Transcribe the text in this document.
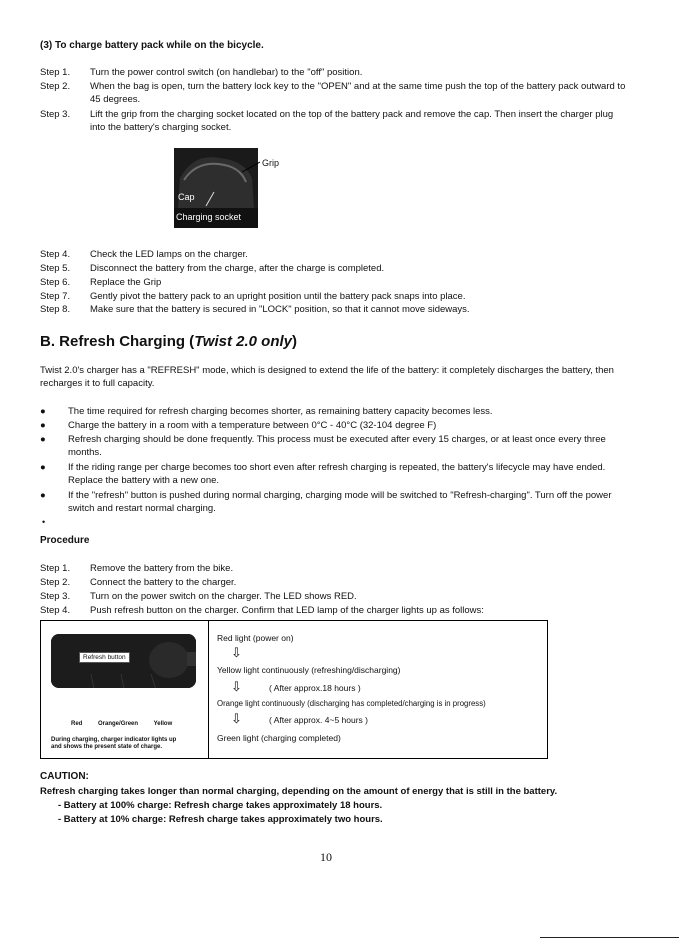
(3) To charge battery pack while on the bicycle.
Step 1.	Turn the power control switch (on handlebar) to the "off" position.
Step 2.	When the bag is open, turn the battery lock key to the "OPEN" and at the same time push the top of the battery pack outward to 45 degrees.
Step 3.	Lift the grip from the charging socket located on the top of the battery pack and remove the cap. Then insert the charger plug into the battery's charging socket.
Cap
Charging socket
Grip
Step 4.	Check the LED lamps on the charger.
Step 5.	Disconnect the battery from the charge, after the charge is completed.
Step 6.	Replace the Grip
Step 7.	Gently pivot the battery pack to an upright position until the battery pack snaps into place.
Step 8.	Make sure that the battery is secured in "LOCK" position, so that it cannot move sideways.
B. Refresh Charging (Twist 2.0 only)
Twist 2.0's charger has a "REFRESH" mode, which is designed to extend the life of the battery: it completely discharges the battery, then recharges it to full capacity.
● The time required for refresh charging becomes shorter, as remaining battery capacity becomes less.
● Charge the battery in a room with a temperature between 0°C - 40°C (32-104 degree F)
● Refresh charging should be done frequently. This process must be executed after every 15 charges, or at least once every three months.
● If the riding range per charge becomes too short even after refresh charging is repeated, the battery's lifecycle may have ended. Replace the battery with a new one.
● If the "refresh" button is pushed during normal charging, charging mode will be switched to "Refresh-charging". Turn off the power switch and restart normal charging.
•
Procedure
Step 1.	Remove the battery from the bike.
Step 2.	Connect the battery to the charger.
Step 3.	Turn on the power switch on the charger. The LED shows RED.
Step 4.	Push refresh button on the charger. Confirm that LED lamp of the charger lights up as follows:
Refresh button
Red	Orange/Green	Yellow
During charging, charger indicator lights up and shows the present state of charge.
Red light (power on)
⇩
Yellow light continuously (refreshing/discharging)
⇩	( After approx.18 hours )
Orange light continuously (discharging has completed/charging is in progress)
⇩	( After approx. 4~5 hours )
Green light (charging completed)
CAUTION:
Refresh charging takes longer than normal charging, depending on the amount of energy that is still in the battery.
- Battery at 100% charge: Refresh charge takes approximately 18 hours.
- Battery at 10% charge: Refresh charge takes approximately two hours.
10
